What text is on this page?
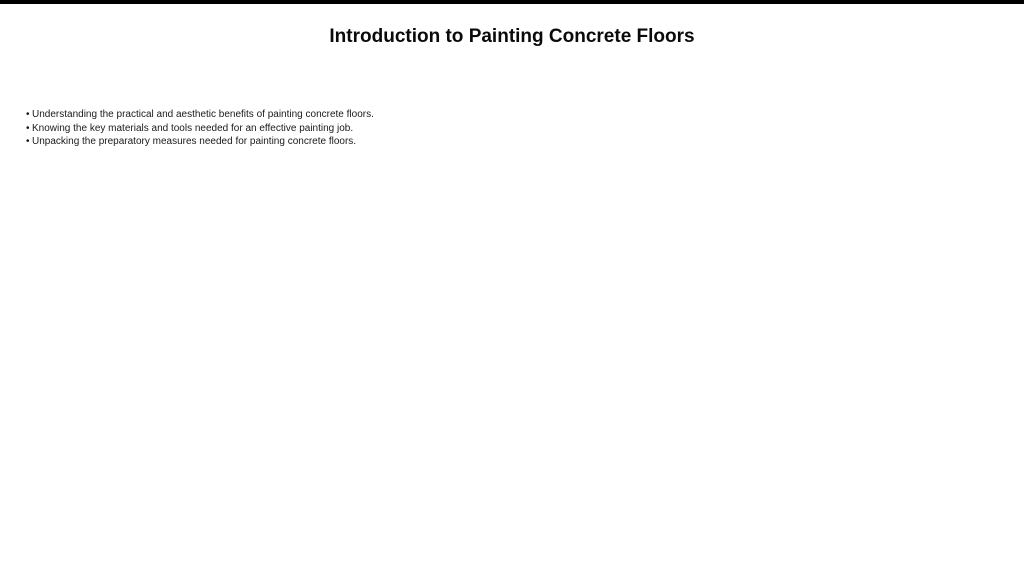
Introduction to Painting Concrete Floors
• Understanding the practical and aesthetic benefits of painting concrete floors.
• Knowing the key materials and tools needed for an effective painting job.
• Unpacking the preparatory measures needed for painting concrete floors.
